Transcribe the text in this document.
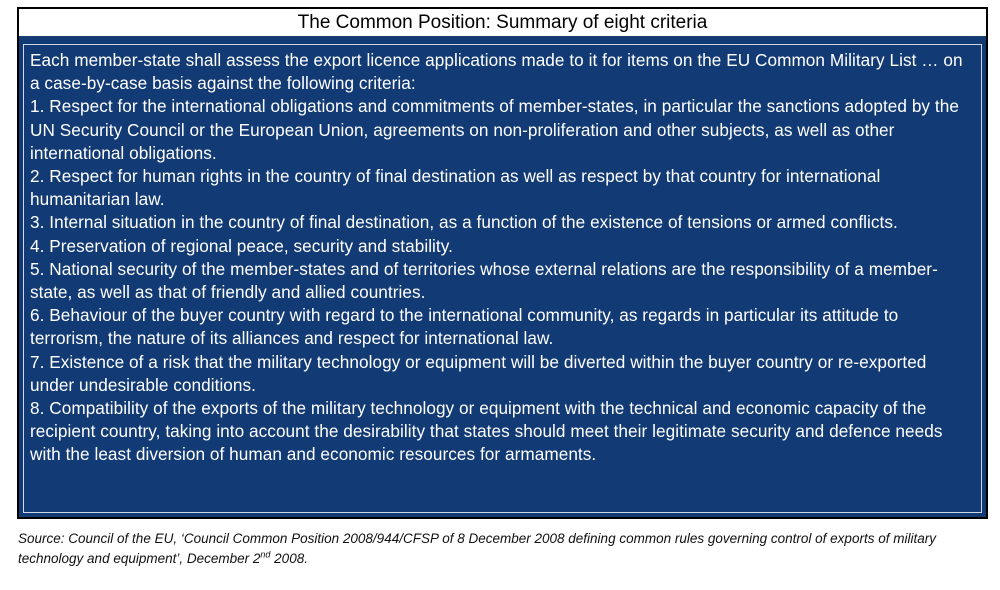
The Common Position: Summary of eight criteria

Each member-state shall assess the export licence applications made to it for items on the EU Common Military List … on a case-by-case basis against the following criteria:

1. Respect for the international obligations and commitments of member-states, in particular the sanctions adopted by the UN Security Council or the European Union, agreements on non-proliferation and other subjects, as well as other international obligations.

2. Respect for human rights in the country of final destination as well as respect by that country for international humanitarian law.

3. Internal situation in the country of final destination, as a function of the existence of tensions or armed conflicts.

4. Preservation of regional peace, security and stability.

5. National security of the member-states and of territories whose external relations are the responsibility of a member-state, as well as that of friendly and allied countries.

6. Behaviour of the buyer country with regard to the international community, as regards in particular its attitude to terrorism, the nature of its alliances and respect for international law.

7. Existence of a risk that the military technology or equipment will be diverted within the buyer country or re-exported under undesirable conditions.

8. Compatibility of the exports of the military technology or equipment with the technical and economic capacity of the recipient country, taking into account the desirability that states should meet their legitimate security and defence needs with the least diversion of human and economic resources for armaments.

Source: Council of the EU, ‘Council Common Position 2008/944/CFSP of 8 December 2008 defining common rules governing control of exports of military technology and equipment’, December 2nd 2008.
